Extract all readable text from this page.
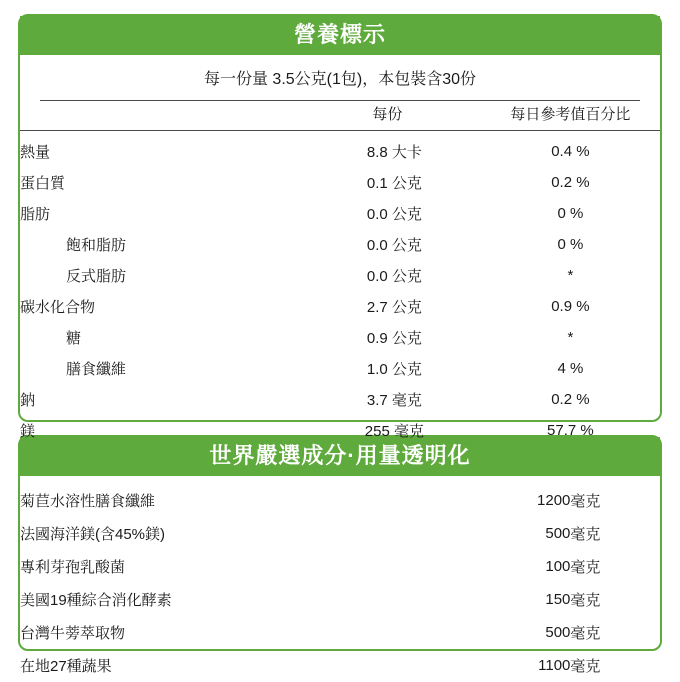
營養標示
每一份量 3.5公克(1包)，本包裝含30份
	每份	每日參考值百分比
熱量	8.8 大卡	0.4 %
蛋白質	0.1 公克	0.2 %
脂肪	0.0 公克	0 %
飽和脂肪	0.0 公克	0 %
反式脂肪	0.0 公克	*
碳水化合物	2.7 公克	0.9 %
糖	0.9 公克	*
膳食纖維	1.0 公克	4 %
鈉	3.7 毫克	0.2 %
鎂	255 毫克	57.7 %
世界嚴選成分·用量透明化
菊苣水溶性膳食纖維	1200	毫克
法國海洋鎂(含45%鎂)	500	毫克
專利芽孢乳酸菌	100	毫克
美國19種綜合消化酵素	150	毫克
台灣牛蒡萃取物	500	毫克
在地27種蔬果	1100	毫克
